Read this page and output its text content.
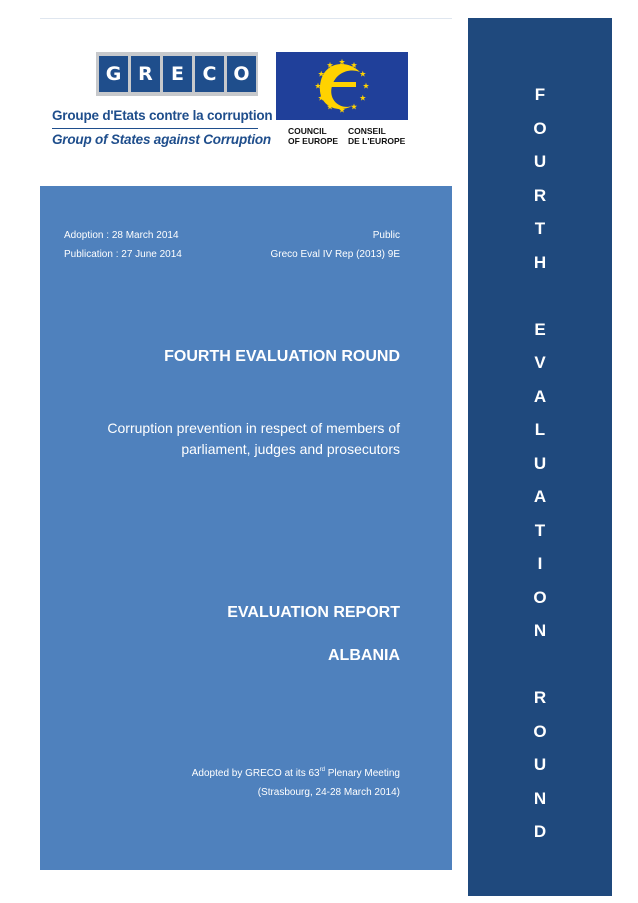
G R E C O
Groupe d'Etats contre la corruption
Group of States against Corruption
COUNCIL
OF EUROPE
CONSEIL
DE L'EUROPE
Adoption : 28 March 2014
Publication : 27 June 2014
Public
Greco Eval IV Rep (2013) 9E
FOURTH EVALUATION ROUND
Corruption prevention in respect of members of parliament, judges and prosecutors
EVALUATION REPORT
ALBANIA
Adopted by GRECO at its 63rd Plenary Meeting
(Strasbourg, 24-28 March 2014)
F
O
U
R
T
H
E
V
A
L
U
A
T
I
O
N
R
O
U
N
D
